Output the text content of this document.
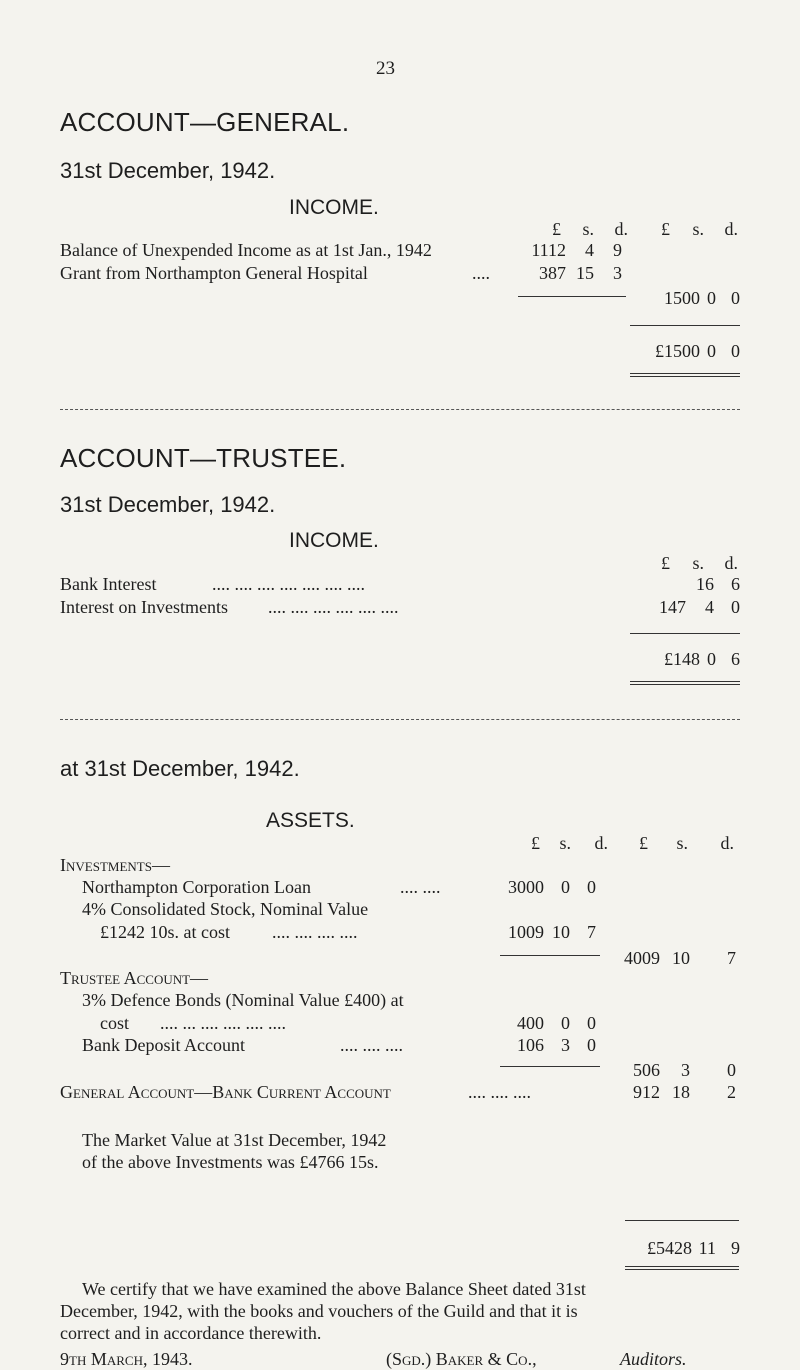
23
ACCOUNT—GENERAL.
31st December, 1942.
INCOME.
£	s.	d.	£	s.	d.
Balance of Unexpended Income as at 1st Jan., 1942	1112	4	9
Grant from Northampton General Hospital	....	387 15	3
1500 0 0
£1500 0 0
ACCOUNT—TRUSTEE.
31st December, 1942.
INCOME.
£	s.	d.
Bank Interest	.... .... .... .... .... .... ....	16 6
Interest on Investments .... .... .... .... .... ....	147	4 0
£148 0 6
at 31st December, 1942.
ASSETS.
£	s.	d.	£	s.	d.
Investments—
Northampton Corporation Loan	.... ....	3000 0 0
4% Consolidated Stock, Nominal Value
£1242 10s. at cost .... .... .... ....	1009 10 7
4009 10	7
Trustee Account—
3% Defence Bonds (Nominal Value £400) at
cost .... ... .... .... .... ....	400 0 0
Bank Deposit Account	.... .... ....	106 3 0
506	3	0
General Account—Bank Current Account	.... .... ....	912 18	2
The Market Value at 31st December, 1942
of the above Investments was £4766 15s.
£5428 11 9
We certify that we have examined the above Balance Sheet dated 31st
December, 1942, with the books and vouchers of the Guild and that it is
correct and in accordance therewith.
9th March, 1943.	(Sgd.) Baker & Co.,	Auditors.
